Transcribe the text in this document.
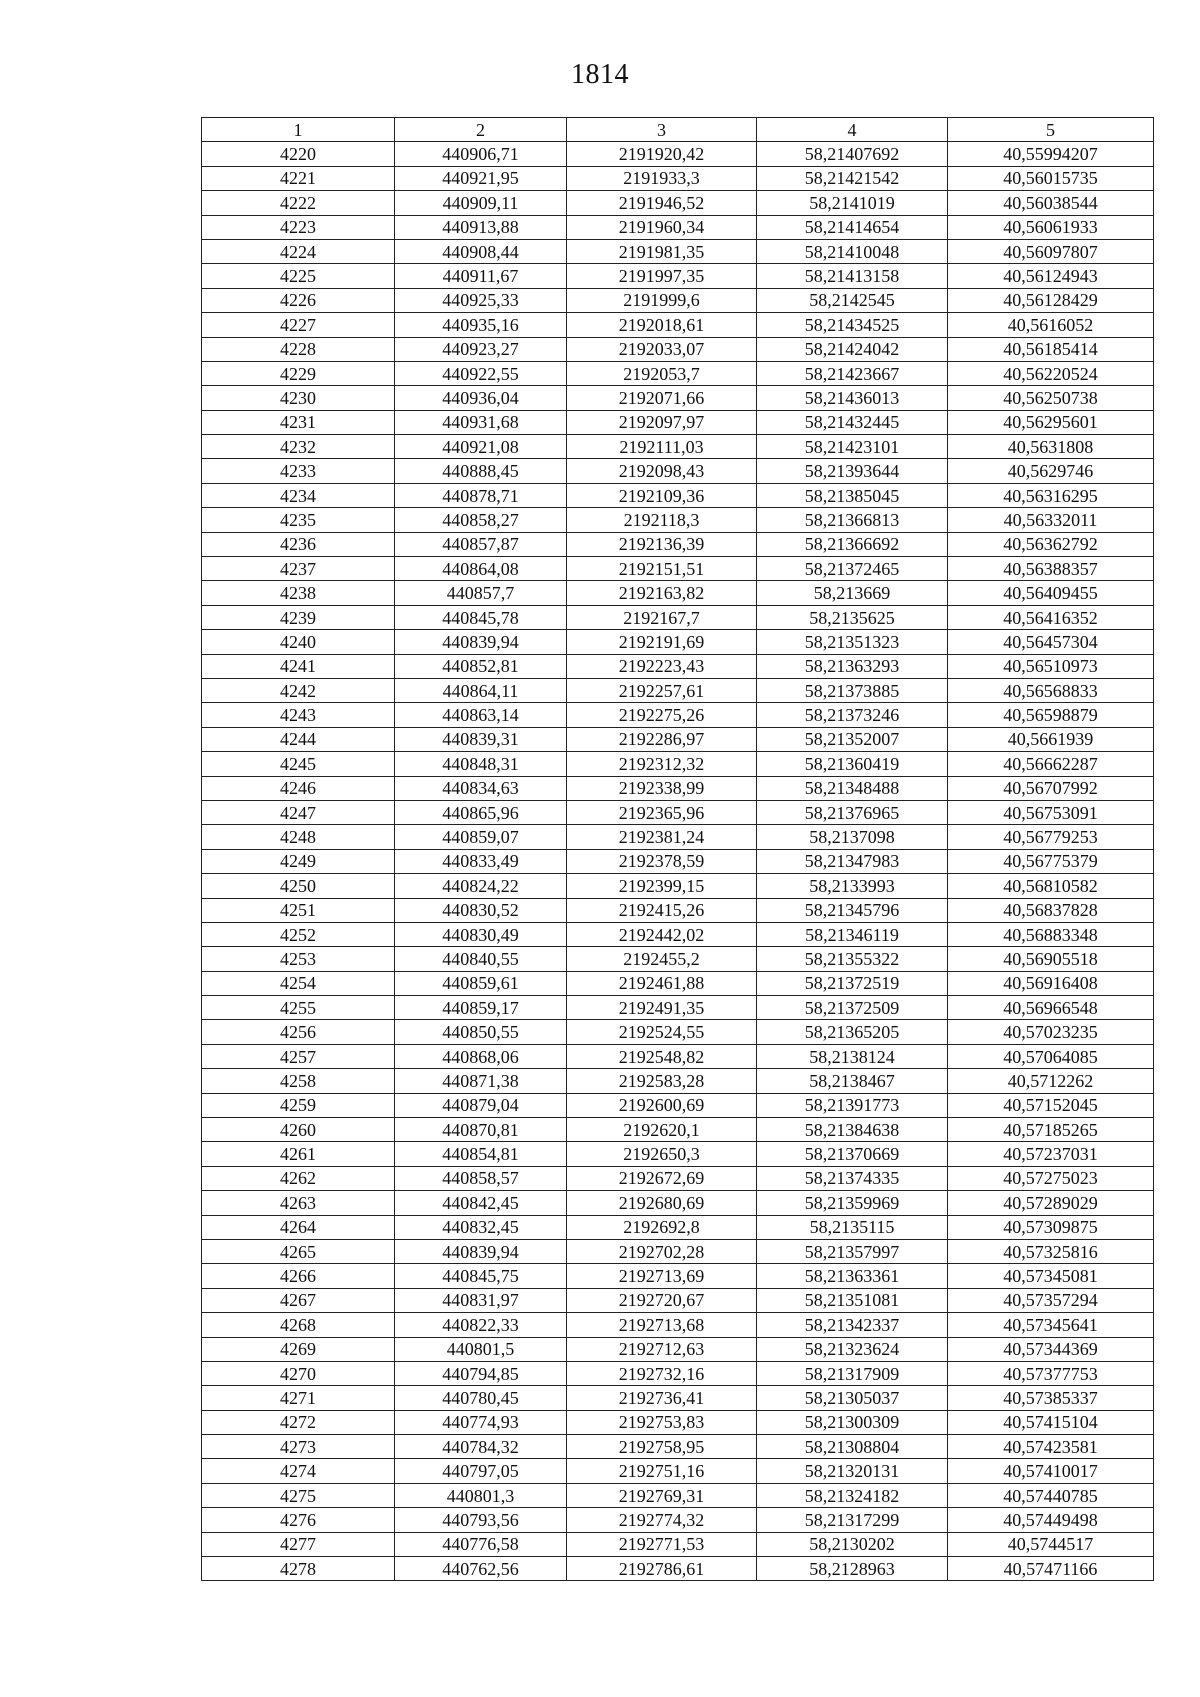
1814
1	2	3	4	5
4220	440906,71	2191920,42	58,21407692	40,55994207
4221	440921,95	2191933,3	58,21421542	40,56015735
4222	440909,11	2191946,52	58,2141019	40,56038544
4223	440913,88	2191960,34	58,21414654	40,56061933
4224	440908,44	2191981,35	58,21410048	40,56097807
4225	440911,67	2191997,35	58,21413158	40,56124943
4226	440925,33	2191999,6	58,2142545	40,56128429
4227	440935,16	2192018,61	58,21434525	40,5616052
4228	440923,27	2192033,07	58,21424042	40,56185414
4229	440922,55	2192053,7	58,21423667	40,56220524
4230	440936,04	2192071,66	58,21436013	40,56250738
4231	440931,68	2192097,97	58,21432445	40,56295601
4232	440921,08	2192111,03	58,21423101	40,5631808
4233	440888,45	2192098,43	58,21393644	40,5629746
4234	440878,71	2192109,36	58,21385045	40,56316295
4235	440858,27	2192118,3	58,21366813	40,56332011
4236	440857,87	2192136,39	58,21366692	40,56362792
4237	440864,08	2192151,51	58,21372465	40,56388357
4238	440857,7	2192163,82	58,213669	40,56409455
4239	440845,78	2192167,7	58,2135625	40,56416352
4240	440839,94	2192191,69	58,21351323	40,56457304
4241	440852,81	2192223,43	58,21363293	40,56510973
4242	440864,11	2192257,61	58,21373885	40,56568833
4243	440863,14	2192275,26	58,21373246	40,56598879
4244	440839,31	2192286,97	58,21352007	40,5661939
4245	440848,31	2192312,32	58,21360419	40,56662287
4246	440834,63	2192338,99	58,21348488	40,56707992
4247	440865,96	2192365,96	58,21376965	40,56753091
4248	440859,07	2192381,24	58,2137098	40,56779253
4249	440833,49	2192378,59	58,21347983	40,56775379
4250	440824,22	2192399,15	58,2133993	40,56810582
4251	440830,52	2192415,26	58,21345796	40,56837828
4252	440830,49	2192442,02	58,21346119	40,56883348
4253	440840,55	2192455,2	58,21355322	40,56905518
4254	440859,61	2192461,88	58,21372519	40,56916408
4255	440859,17	2192491,35	58,21372509	40,56966548
4256	440850,55	2192524,55	58,21365205	40,57023235
4257	440868,06	2192548,82	58,2138124	40,57064085
4258	440871,38	2192583,28	58,2138467	40,5712262
4259	440879,04	2192600,69	58,21391773	40,57152045
4260	440870,81	2192620,1	58,21384638	40,57185265
4261	440854,81	2192650,3	58,21370669	40,57237031
4262	440858,57	2192672,69	58,21374335	40,57275023
4263	440842,45	2192680,69	58,21359969	40,57289029
4264	440832,45	2192692,8	58,2135115	40,57309875
4265	440839,94	2192702,28	58,21357997	40,57325816
4266	440845,75	2192713,69	58,21363361	40,57345081
4267	440831,97	2192720,67	58,21351081	40,57357294
4268	440822,33	2192713,68	58,21342337	40,57345641
4269	440801,5	2192712,63	58,21323624	40,57344369
4270	440794,85	2192732,16	58,21317909	40,57377753
4271	440780,45	2192736,41	58,21305037	40,57385337
4272	440774,93	2192753,83	58,21300309	40,57415104
4273	440784,32	2192758,95	58,21308804	40,57423581
4274	440797,05	2192751,16	58,21320131	40,57410017
4275	440801,3	2192769,31	58,21324182	40,57440785
4276	440793,56	2192774,32	58,21317299	40,57449498
4277	440776,58	2192771,53	58,2130202	40,5744517
4278	440762,56	2192786,61	58,2128963	40,57471166
